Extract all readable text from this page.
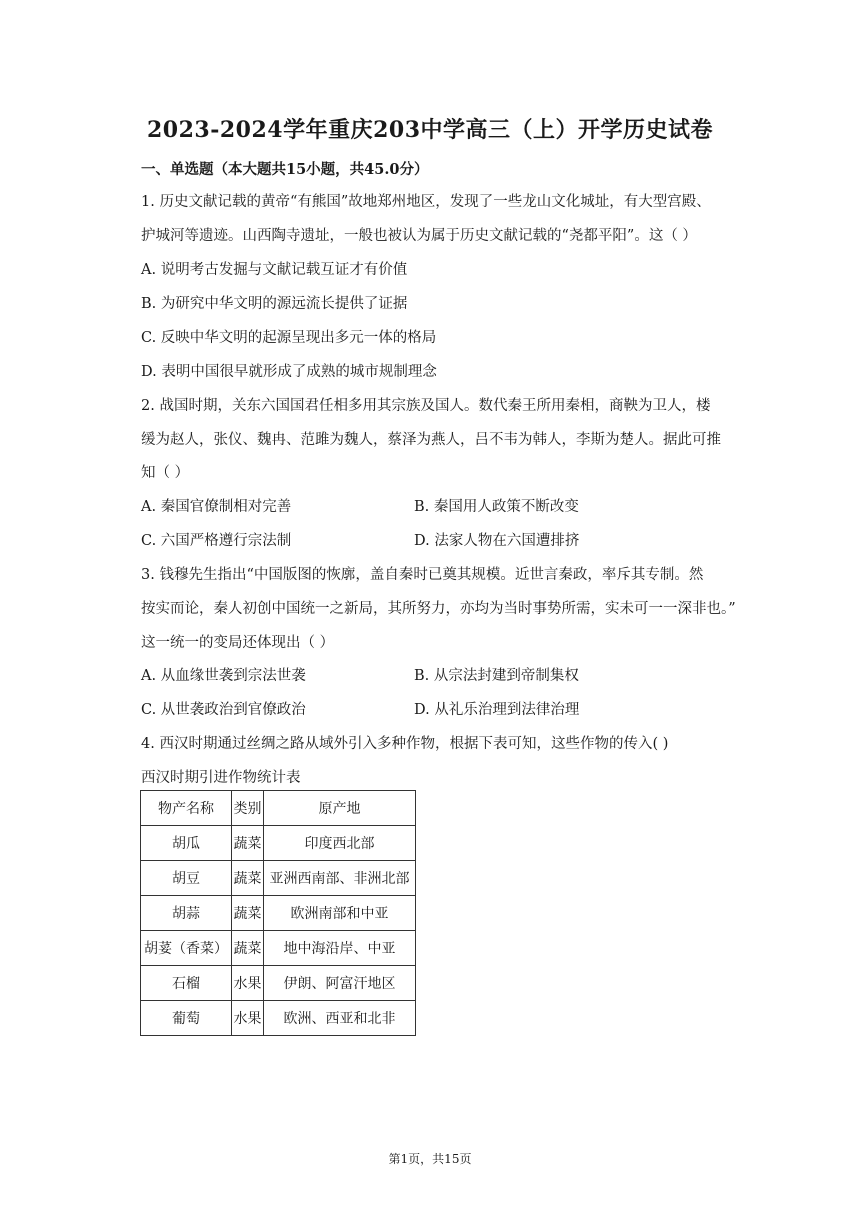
2023-2024学年重庆203中学高三（上）开学历史试卷
一、单选题（本大题共15小题，共45.0分）
1. 历史文献记载的黄帝“有熊国”故地郑州地区，发现了一些龙山文化城址，有大型宫殿、
护城河等遗迹。山西陶寺遗址，一般也被认为属于历史文献记载的“尧都平阳”。这（ ）
A. 说明考古发掘与文献记载互证才有价值
B. 为研究中华文明的源远流长提供了证据
C. 反映中华文明的起源呈现出多元一体的格局
D. 表明中国很早就形成了成熟的城市规制理念
2. 战国时期，关东六国国君任相多用其宗族及国人。数代秦王所用秦相，商鞅为卫人，楼
缓为赵人，张仪、魏冉、范雎为魏人，蔡泽为燕人，吕不韦为韩人，李斯为楚人。据此可推
知（ ）
A. 秦国官僚制相对完善	B. 秦国用人政策不断改变
C. 六国严格遵行宗法制	D. 法家人物在六国遭排挤
3. 钱穆先生指出“中国版图的恢廓，盖自秦时已奠其规模。近世言秦政，率斥其专制。然
按实而论，秦人初创中国统一之新局，其所努力，亦均为当时事势所需，实未可一一深非也。”
这一统一的变局还体现出（ ）
A. 从血缘世袭到宗法世袭	B. 从宗法封建到帝制集权
C. 从世袭政治到官僚政治	D. 从礼乐治理到法律治理
4. 西汉时期通过丝绸之路从域外引入多种作物，根据下表可知，这些作物的传入( )
西汉时期引进作物统计表
物产名称	类别	原产地
胡瓜	蔬菜	印度西北部
胡豆	蔬菜	亚洲西南部、非洲北部
胡蒜	蔬菜	欧洲南部和中亚
胡荽（香菜）	蔬菜	地中海沿岸、中亚
石榴	水果	伊朗、阿富汗地区
葡萄	水果	欧洲、西亚和北非
第1页，共15页
